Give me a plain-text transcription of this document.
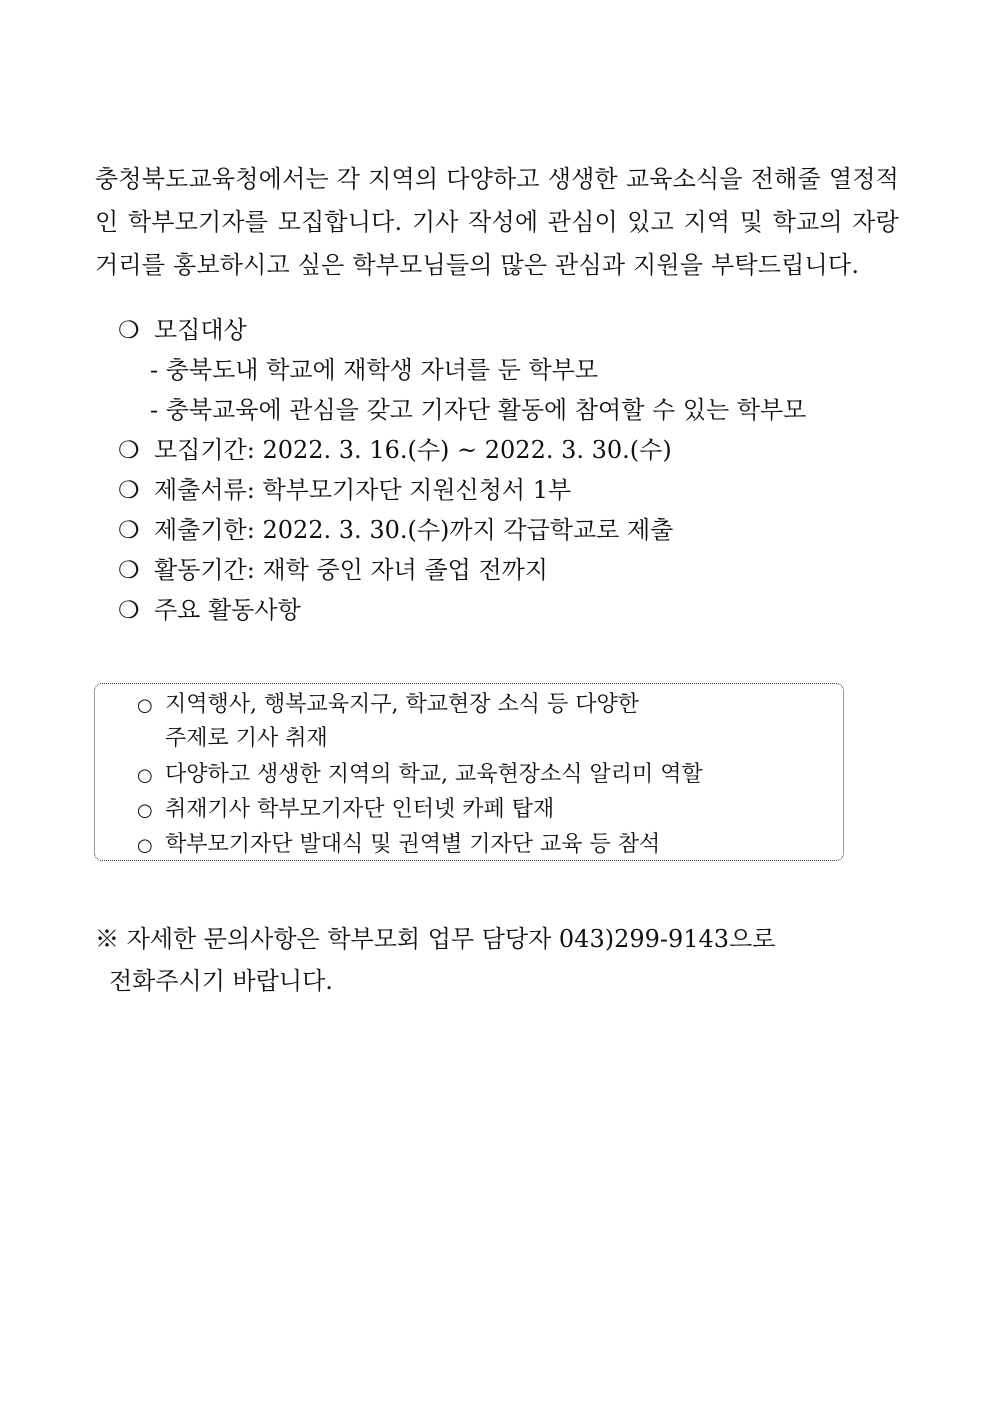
충청북도교육청에서는 각 지역의 다양하고 생생한 교육소식을 전해줄 열정적인 학부모기자를 모집합니다. 기사 작성에 관심이 있고 지역 및 학교의 자랑거리를 홍보하시고 싶은 학부모님들의 많은 관심과 지원을 부탁드립니다.
❍ 모집대상
- 충북도내 학교에 재학생 자녀를 둔 학부모
- 충북교육에 관심을 갖고 기자단 활동에 참여할 수 있는 학부모
❍ 모집기간: 2022. 3. 16.(수) ~ 2022. 3. 30.(수)
❍ 제출서류: 학부모기자단 지원신청서 1부
❍ 제출기한: 2022. 3. 30.(수)까지 각급학교로 제출
❍ 활동기간: 재학 중인 자녀 졸업 전까지
❍ 주요 활동사항
○ 지역행사, 행복교육지구, 학교현장 소식 등 다양한
주제로 기사 취재
○ 다양하고 생생한 지역의 학교, 교육현장소식 알리미 역할
○ 취재기사 학부모기자단 인터넷 카페 탑재
○ 학부모기자단 발대식 및 권역별 기자단 교육 등 참석
※ 자세한 문의사항은 학부모회 업무 담당자 043)299-9143으로
전화주시기 바랍니다.
